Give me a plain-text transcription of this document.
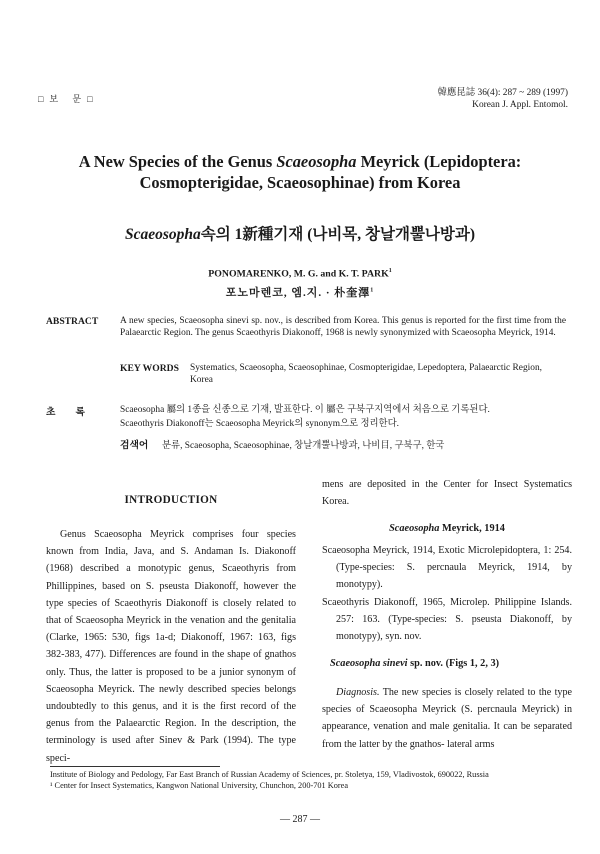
□보 문□
韓應昆誌 36(4): 287 ~ 289 (1997)
Korean J. Appl. Entomol.
A New Species of the Genus Scaeosopha Meyrick (Lepidoptera:
Cosmopterigidae, Scaeosophinae) from Korea
Scaeosopha속의 1新種기재 (나비목, 창날개뿔나방과)
PONOMARENKO, M. G. and K. T. PARK$^1$
포노마렌코, 엠.지. · 朴奎澤$^1$
ABSTRACT A new species, Scaeosopha sinevi sp. nov., is described from Korea. This genus is reported for the first time from the Palaearctic Region. The genus Scaeothyris Diakonoff, 1968 is newly synonymized with Scaeosopha Meyrick, 1914.
KEY WORDS Systematics, Scaeosopha, Scaeosophinae, Cosmopterigidae, Lepedoptera, Palaearctic Region, Korea
초록 Scaeosopha 屬의 1종을 신종으로 기재, 발표한다. 이 屬은 구북구지역에서 처음으로 기록된다.
Scaeothyris Diakonoff는 Scaeosopha Meyrick의 synonym으로 정리한다.
검색어 분류, Scaeosopha, Scaeosophinae, 창날개뿔나방과, 나비目, 구북구, 한국
INTRODUCTION

Genus Scaeosopha Meyrick comprises four species known from India, Java, and S. Andaman Is. Diakonoff (1968) described a monotypic genus, Scaeothyris from Phillippines, based on S. pseusta Diakonoff, however the type species of Scaeothyris Diakonoff is closely related to that of Scaeosopha Meyrick in the venation and the genitalia (Clarke, 1965: 530, figs 1a-d; Diakonoff, 1967: 163, figs 382-383, 477). Differences are found in the shape of gnathos only. Thus, the latter is proposed to be a junior synonym of Scaeosopha Meyrick. The newly described species belongs undoubtedly to this genus, and it is the first record of the genus from the Palaearctic Region. In the description, the terminology is used after Sinev & Park (1994). The type speci-

mens are deposited in the Center for Insect Systematics Korea.
Scaeosopha Meyrick, 1914
Scaeosopha Meyrick, 1914, Exotic Microlepidoptera, 1: 254. (Type-species: S. percnaula Meyrick, 1914, by monotypy).
Scaeothyris Diakonoff, 1965, Microlep. Philippine Islands. 257: 163. (Type-species: S. pseusta Diakonoff, by monotypy), syn. nov.
Scaeosopha sinevi sp. nov. (Figs 1, 2, 3)

Diagnosis. The new species is closely related to the type species of Scaeosopha Meyrick (S. percnaula Meyrick) in appearance, venation and male genitalia. It can be separated from the latter by the gnathos- lateral arms

Institute of Biology and Pedology, Far East Branch of Russian Academy of Sciences, pr. Stoletya, 159, Vladivostok, 690022, Russia
¹ Center for Insect Systematics, Kangwon National University, Chunchon, 200-701 Korea
— 287 —
